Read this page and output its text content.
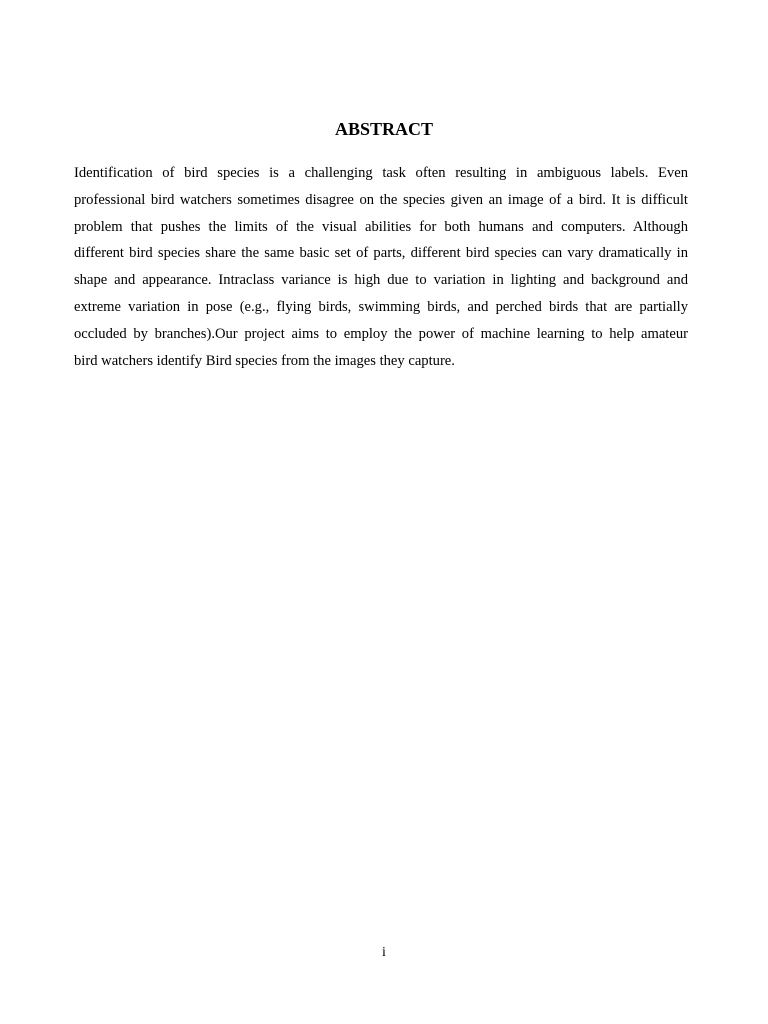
ABSTRACT
Identification of bird species is a challenging task often resulting in ambiguous labels. Even
professional bird watchers sometimes disagree on the species given an image of a bird. It is difficult
problem that pushes the limits of the visual abilities for both humans and computers. Although
different bird species share the same basic set of parts, different bird species can vary dramatically in
shape and appearance. Intraclass variance is high due to variation in lighting and background and
extreme variation in pose (e.g., flying birds, swimming birds, and perched birds that are partially
occluded by branches).Our project aims to employ the power of machine learning to help amateur
bird watchers identify Bird species from the images they capture.

i
